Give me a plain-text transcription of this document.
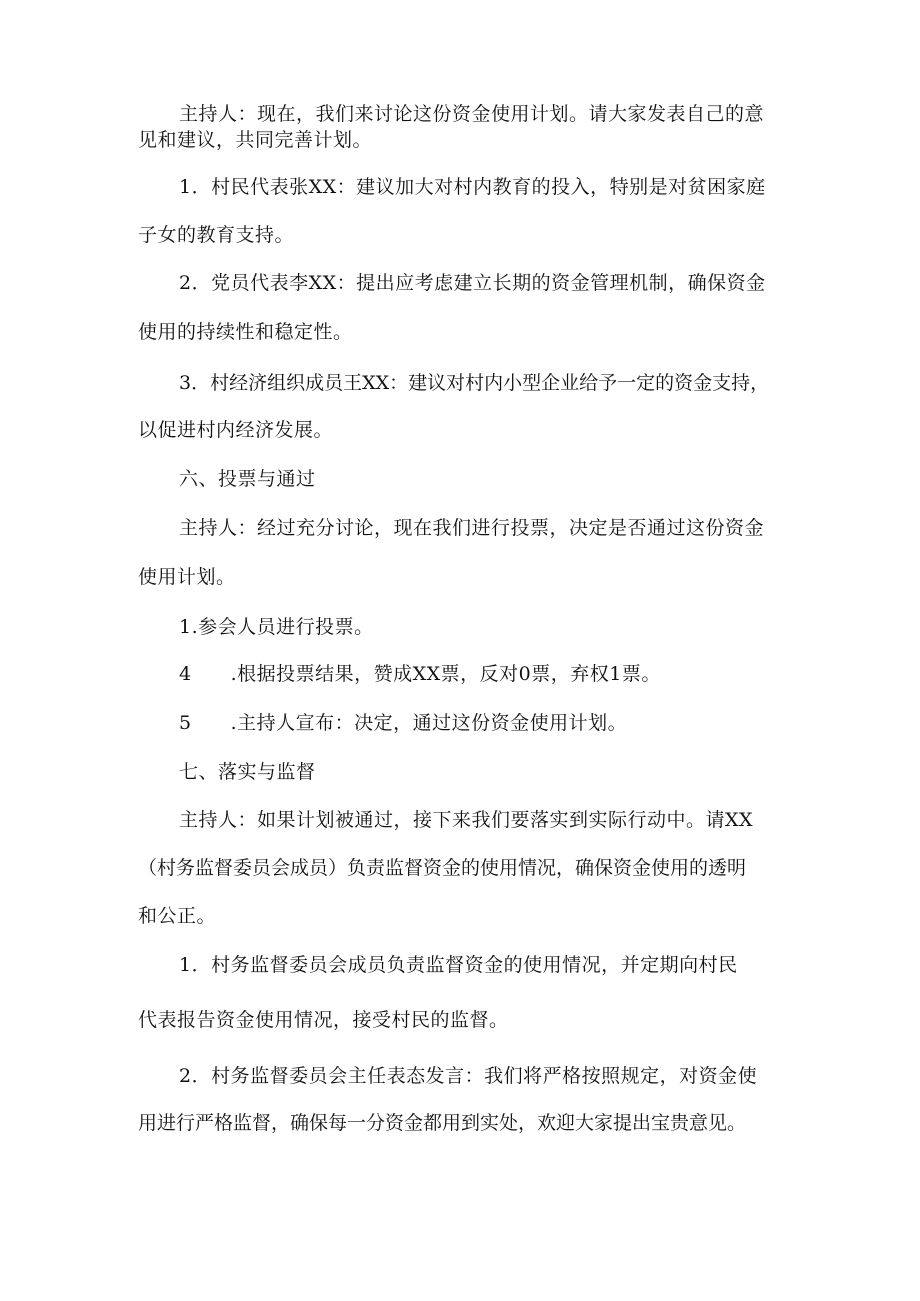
主持人：现在，我们来讨论这份资金使用计划。请大家发表自己的意

见和建议，共同完善计划。

1．村民代表张XX：建议加大对村内教育的投入，特别是对贫困家庭

子女的教育支持。

2．党员代表李XX：提出应考虑建立长期的资金管理机制，确保资金

使用的持续性和稳定性。

3．村经济组织成员王XX：建议对村内小型企业给予一定的资金支持，

以促进村内经济发展。

六、投票与通过

主持人：经过充分讨论，现在我们进行投票，决定是否通过这份资金

使用计划。

1.参会人员进行投票。

4　　.根据投票结果，赞成XX票，反对0票，弃权1票。

5　　.主持人宣布：决定，通过这份资金使用计划。

七、落实与监督

主持人：如果计划被通过，接下来我们要落实到实际行动中。请XX

（村务监督委员会成员）负责监督资金的使用情况，确保资金使用的透明

和公正。

1．村务监督委员会成员负责监督资金的使用情况，并定期向村民

代表报告资金使用情况，接受村民的监督。

2．村务监督委员会主任表态发言：我们将严格按照规定，对资金使

用进行严格监督，确保每一分资金都用到实处，欢迎大家提出宝贵意见。
